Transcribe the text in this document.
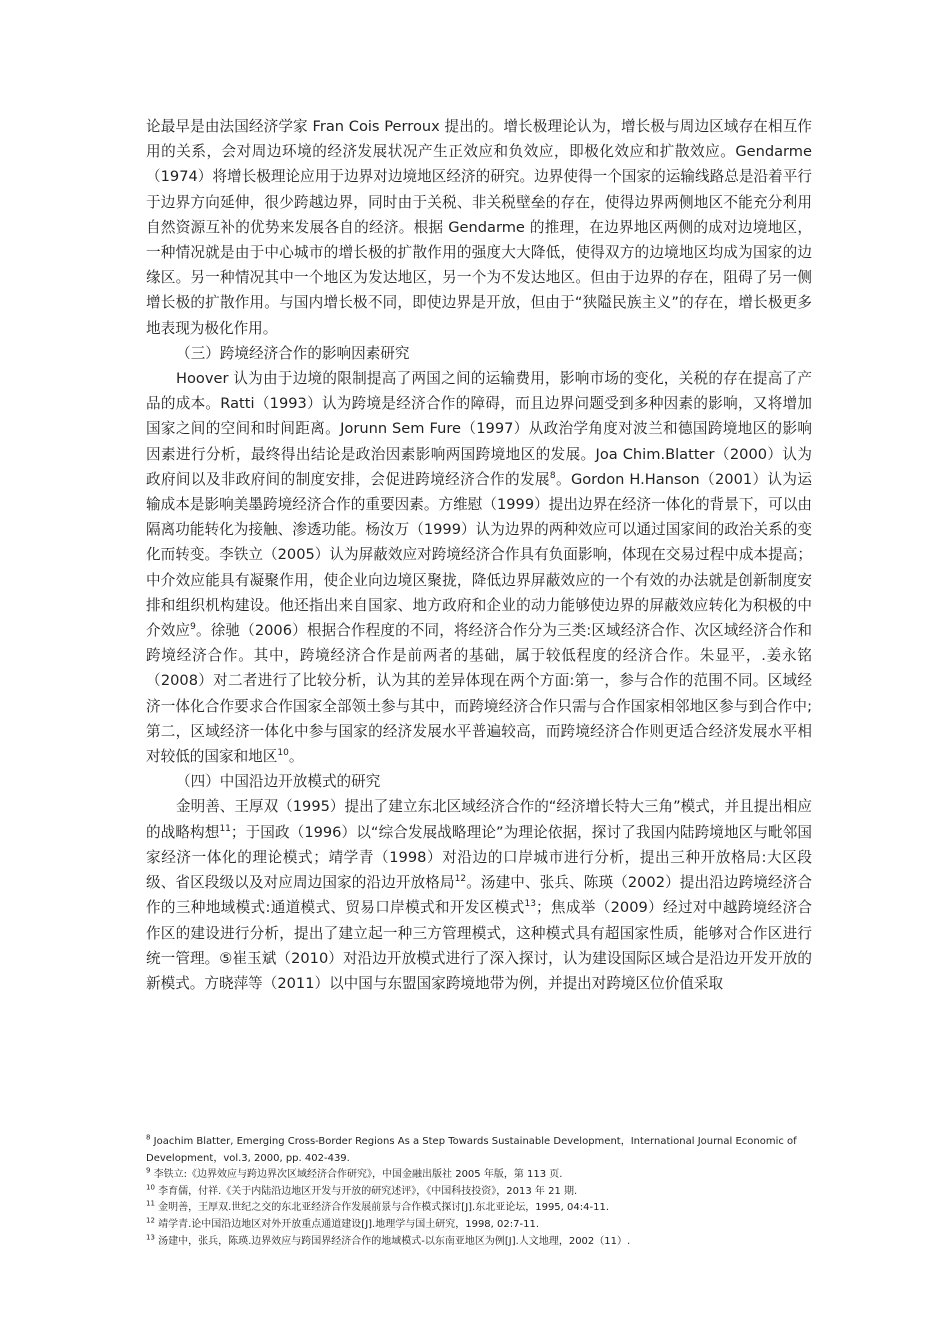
论最早是由法国经济学家 Fran Cois Perroux 提出的。增长极理论认为，增长极与周边区域存在相互作用的关系，会对周边环境的经济发展状况产生正效应和负效应，即极化效应和扩散效应。Gendarme（1974）将增长极理论应用于边界对边境地区经济的研究。边界使得一个国家的运输线路总是沿着平行于边界方向延伸，很少跨越边界，同时由于关税、非关税壁垒的存在，使得边界两侧地区不能充分利用自然资源互补的优势来发展各自的经济。根据 Gendarme 的推理，在边界地区两侧的成对边境地区，一种情况就是由于中心城市的增长极的扩散作用的强度大大降低，使得双方的边境地区均成为国家的边缘区。另一种情况其中一个地区为发达地区，另一个为不发达地区。但由于边界的存在，阻碍了另一侧增长极的扩散作用。与国内增长极不同，即使边界是开放，但由于“狭隘民族主义”的存在，增长极更多地表现为极化作用。

（三）跨境经济合作的影响因素研究

Hoover 认为由于边境的限制提高了两国之间的运输费用，影响市场的变化，关税的存在提高了产品的成本。Ratti（1993）认为跨境是经济合作的障碍，而且边界问题受到多种因素的影响，又将增加国家之间的空间和时间距离。Jorunn Sem Fure（1997）从政治学角度对波兰和德国跨境地区的影响因素进行分析，最终得出结论是政治因素影响两国跨境地区的发展。Joa Chim.Blatter（2000）认为政府间以及非政府间的制度安排，会促进跨境经济合作的发展$^8$。Gordon H.Hanson（2001）认为运输成本是影响美墨跨境经济合作的重要因素。方维慰（1999）提出边界在经济一体化的背景下，可以由隔离功能转化为接触、渗透功能。杨汝万（1999）认为边界的两种效应可以通过国家间的政治关系的变化而转变。李铁立（2005）认为屏蔽效应对跨境经济合作具有负面影响，体现在交易过程中成本提高；中介效应能具有凝聚作用，使企业向边境区聚拢，降低边界屏蔽效应的一个有效的办法就是创新制度安排和组织机构建设。他还指出来自国家、地方政府和企业的动力能够使边界的屏蔽效应转化为积极的中介效应$^9$。徐驰（2006）根据合作程度的不同，将经济合作分为三类:区域经济合作、次区域经济合作和跨境经济合作。其中，跨境经济合作是前两者的基础，属于较低程度的经济合作。朱显平，.姜永铭（2008）对二者进行了比较分析，认为其的差异体现在两个方面:第一，参与合作的范围不同。区域经济一体化合作要求合作国家全部领土参与其中，而跨境经济合作只需与合作国家相邻地区参与到合作中;第二，区域经济一体化中参与国家的经济发展水平普遍较高，而跨境经济合作则更适合经济发展水平相对较低的国家和地区$^{10}$。

（四）中国沿边开放模式的研究

金明善、王厚双（1995）提出了建立东北区域经济合作的“经济增长特大三角”模式，并且提出相应的战略构想$^{11}$；于国政（1996）以“综合发展战略理论”为理论依据，探讨了我国内陆跨境地区与毗邻国家经济一体化的理论模式；靖学青（1998）对沿边的口岸城市进行分析，提出三种开放格局:大区段级、省区段级以及对应周边国家的沿边开放格局$^{12}$。汤建中、张兵、陈瑛（2002）提出沿边跨境经济合作的三种地域模式:通道模式、贸易口岸模式和开发区模式$^{13}$；焦成举（2009）经过对中越跨境经济合作区的建设进行分析，提出了建立起一种三方管理模式，这种模式具有超国家性质，能够对合作区进行统一管理。⑤崔玉斌（2010）对沿边开放模式进行了深入探讨，认为建设国际区域合是沿边开发开放的新模式。方晓萍等（2011）以中国与东盟国家跨境地带为例，并提出对跨境区位价值采取

$^8$ Joachim Blatter, Emerging Cross-Border Regions As a Step Towards Sustainable Development，International Journal Economic of Development，vol.3, 2000, pp. 402-439.

$^9$ 李铁立:《边界效应与跨边界次区域经济合作研究》，中国金融出版社 2005 年版，第 113 页.

$^{10}$ 李育儒，付祥.《关于内陆沿边地区开发与开放的研究述评》，《中国科技投资》，2013 年 21 期.

$^{11}$ 金明善，王厚双.世纪之交的东北亚经济合作发展前景与合作模式探讨[J].东北亚论坛，1995, 04:4-11.

$^{12}$ 靖学青.论中国沿边地区对外开放重点通道建设[J].地理学与国土研究，1998, 02:7-11.

$^{13}$ 汤建中，张兵，陈瑛.边界效应与跨国界经济合作的地域模式-以东南亚地区为例[J].人文地理，2002（11）.
